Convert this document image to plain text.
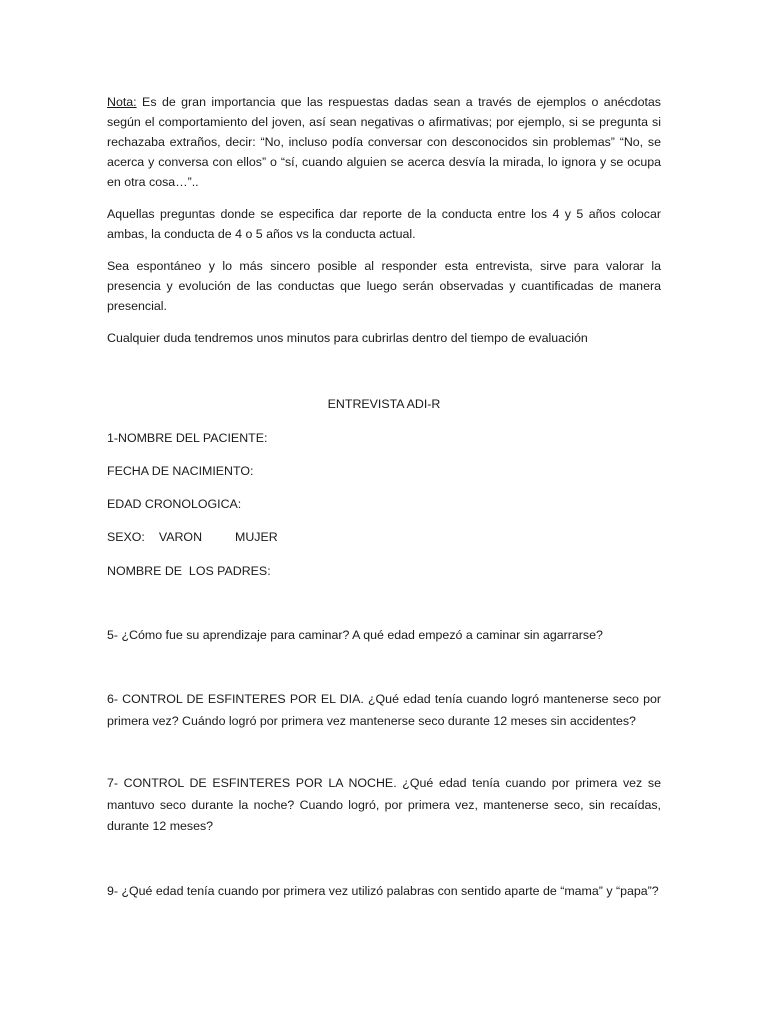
Nota: Es de gran importancia que las respuestas dadas sean a través de ejemplos o anécdotas según el comportamiento del joven, así sean negativas o afirmativas; por ejemplo, si se pregunta si rechazaba extraños, decir: “No, incluso podía conversar con desconocidos sin problemas” “No, se acerca y conversa con ellos” o “sí, cuando alguien se acerca desvía la mirada, lo ignora y se ocupa en otra cosa…”..

Aquellas preguntas donde se especifica dar reporte de la conducta entre los 4 y 5 años colocar ambas, la conducta de 4 o 5 años vs la conducta actual.

Sea espontáneo y lo más sincero posible al responder esta entrevista, sirve para valorar la presencia y evolución de las conductas que luego serán observadas y cuantificadas de manera presencial.

Cualquier duda tendremos unos minutos para cubrirlas dentro del tiempo de evaluación

ENTREVISTA ADI-R
1-NOMBRE DEL PACIENTE:
FECHA DE NACIMIENTO:
EDAD CRONOLOGICA:
SEXO: VARON	MUJER
NOMBRE DE  LOS PADRES:
5- ¿Cómo fue su aprendizaje para caminar? A qué edad empezó a caminar sin agarrarse?
6- CONTROL DE ESFINTERES POR EL DIA. ¿Qué edad tenía cuando logró mantenerse seco por primera vez? Cuándo logró por primera vez mantenerse seco durante 12 meses sin accidentes?
7- CONTROL DE ESFINTERES POR LA NOCHE. ¿Qué edad tenía cuando por primera vez se mantuvo seco durante la noche? Cuando logró, por primera vez, mantenerse seco, sin recaídas, durante 12 meses?
9- ¿Qué edad tenía cuando por primera vez utilizó palabras con sentido aparte de “mama” y “papa”?
